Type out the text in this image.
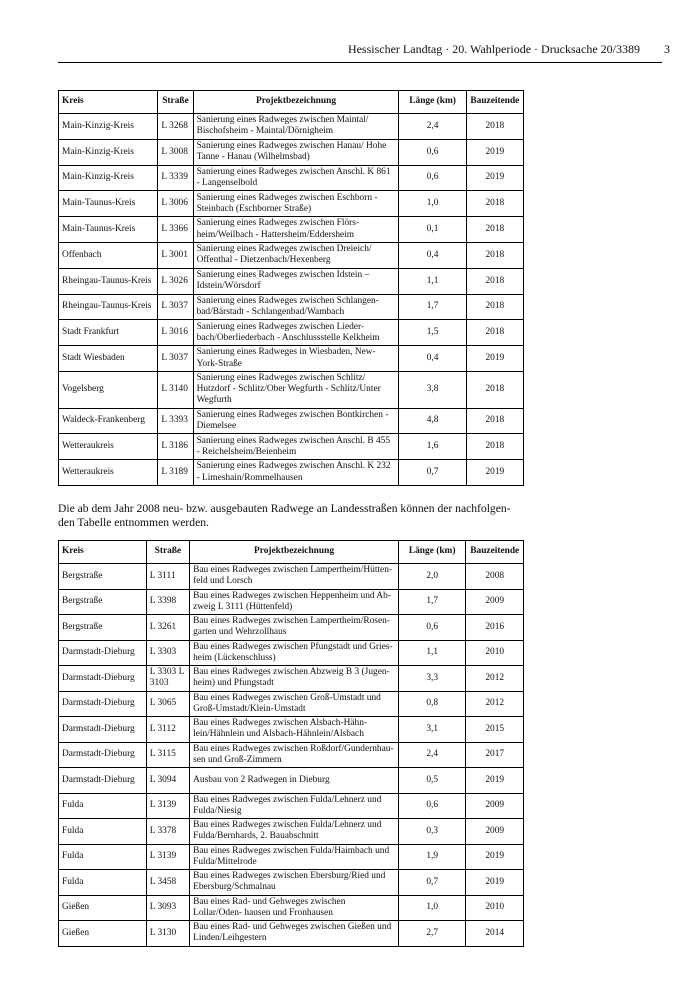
Hessischer Landtag · 20. Wahlperiode · Drucksache 20/3389 3
Kreis	Straße	Projektbezeichnung	Länge (km)	Bauzeitende
Main-Kinzig-Kreis	L 3268	Sanierung eines Radweges zwischen Maintal/ Bischofsheim - Maintal/Dörnigheim	2,4	2018
Main-Kinzig-Kreis	L 3008	Sanierung eines Radweges zwischen Hanau/ Hohe Tanne - Hanau (Wilhelmsbad)	0,6	2019
Main-Kinzig-Kreis	L 3339	Sanierung eines Radweges zwischen Anschl. K 861 - Langenselbold	0,6	2019
Main-Taunus-Kreis	L 3006	Sanierung eines Radweges zwischen Eschborn - Steinbach (Eschborner Straße)	1,0	2018
Main-Taunus-Kreis	L 3366	Sanierung eines Radweges zwischen Flörs- heim/Weilbach - Hattersheim/Eddersheim	0,1	2018
Offenbach	L 3001	Sanierung eines Radweges zwischen Dreieich/ Offenthal - Dietzenbach/Hexenberg	0,4	2018
Rheingau-Taunus-Kreis	L 3026	Sanierung eines Radweges zwischen Idstein – Idstein/Wörsdorf	1,1	2018
Rheingau-Taunus-Kreis	L 3037	Sanierung eines Radweges zwischen Schlangen- bad/Bärstadt - Schlangenbad/Wambach	1,7	2018
Stadt Frankfurt	L 3016	Sanierung eines Radweges zwischen Lieder- bach/Oberliederbach - Anschlussstelle Kelkheim	1,5	2018
Stadt Wiesbaden	L 3037	Sanierung eines Radweges in Wiesbaden, New-York-Straße	0,4	2019
Vogelsberg	L 3140	Sanierung eines Radweges zwischen Schlitz/ Hutzdorf - Schlitz/Ober Wegfurth - Schlitz/Unter Wegfurth	3,8	2018
Waldeck-Frankenberg	L 3393	Sanierung eines Radweges zwischen Bontkirchen - Diemelsee	4,8	2018
Wetteraukreis	L 3186	Sanierung eines Radweges zwischen Anschl. B 455 - Reichelsheim/Beienheim	1,6	2018
Wetteraukreis	L 3189	Sanierung eines Radweges zwischen Anschl. K 232 - Limeshain/Rommelhausen	0,7	2019
Die ab dem Jahr 2008 neu- bzw. ausgebauten Radwege an Landesstraßen können der nachfolgen- den Tabelle entnommen werden.
Kreis	Straße	Projektbezeichnung	Länge (km)	Bauzeitende
Bergstraße	L 3111	Bau eines Radweges zwischen Lampertheim/Hütten- feld und Lorsch	2,0	2008
Bergstraße	L 3398	Bau eines Radweges zwischen Heppenheim und Ab- zweig L 3111 (Hüttenfeld)	1,7	2009
Bergstraße	L 3261	Bau eines Radweges zwischen Lampertheim/Rosen- garten und Wehrzollhaus	0,6	2016
Darmstadt-Dieburg	L 3303	Bau eines Radweges zwischen Pfungstadt und Gries- heim (Lückenschluss)	1,1	2010
Darmstadt-Dieburg	L 3303 L 3103	Bau eines Radweges zwischen Abzweig B 3 (Jugen- heim) und Pfungstadt	3,3	2012
Darmstadt-Dieburg	L 3065	Bau eines Radweges zwischen Groß-Umstadt und Groß-Umstadt/Klein-Umstadt	0,8	2012
Darmstadt-Dieburg	L 3112	Bau eines Radweges zwischen Alsbach-Hähn- lein/Hähnlein und Alsbach-Hähnlein/Alsbach	3,1	2015
Darmstadt-Dieburg	L 3115	Bau eines Radweges zwischen Roßdorf/Gundernhau- sen und Groß-Zimmern	2,4	2017
Darmstadt-Dieburg	L 3094	Ausbau von 2 Radwegen in Dieburg	0,5	2019
Fulda	L 3139	Bau eines Radweges zwischen Fulda/Lehnerz und Fulda/Niesig	0,6	2009
Fulda	L 3378	Bau eines Radweges zwischen Fulda/Lehnerz und Fulda/Bernhards, 2. Bauabschnitt	0,3	2009
Fulda	L 3139	Bau eines Radweges zwischen Fulda/Haimbach und Fulda/Mittelrode	1,9	2019
Fulda	L 3458	Bau eines Radweges zwischen Ebersburg/Ried und Ebersburg/Schmalnau	0,7	2019
Gießen	L 3093	Bau eines Rad- und Gehweges zwischen Lollar/Oden- hausen und Fronhausen	1,0	2010
Gießen	L 3130	Bau eines Rad- und Gehweges zwischen Gießen und Linden/Leihgestern	2,7	2014
